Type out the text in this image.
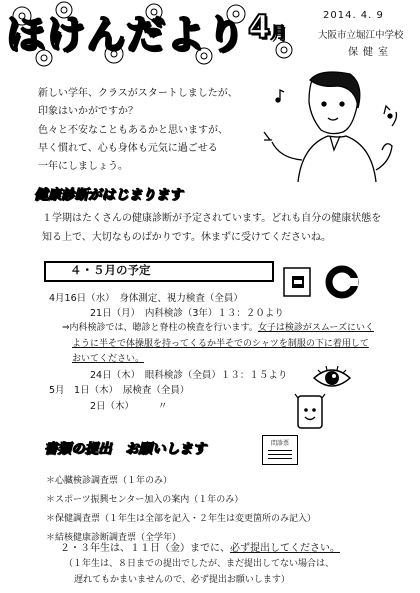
ほけんだより 4月
2014. 4. 9
大阪市立堀江中学校
保健室
新しい学年、クラスがスタートしましたが、
印象はいかがですか？
色々と不安なこともあるかと思いますが、
早く慣れて、心も身体も元気に過ごせる
一年にしましょう。
健康診断がはじまります
１学期はたくさんの健康診断が予定されています。どれも自分の健康状態を
知る上で、大切なものばかりです。休まずに受けてくださいね。
４・５月の予定
4月16日（水）　 身体測定、視力検査（全員）
21日（月）　 内科検診（3年）１３：２０より
⇒内科検診では、聴診と脊柱の検査を行います。女子は検診がスムーズにいく
ように半そで体操服を持ってくるか半そでのシャツを制服の下に着用して
おいてください。
24日（木）　 眼科検診（全員）１３：１５より
5月　1日（木）　 尿検査（全員）
2日（木）　　　	〃
書類の提出　お願いします	問診票
＊心臓検診調査票（１年のみ）
＊スポーツ振興センター加入の案内（１年のみ）
＊保健調査票（１年生は全部を記入・２年生は変更箇所のみ記入）
＊結核健康診断調査票（全学年）
２・３年生は、１１日（金）までに、必ず提出してください。
（１年生は、８日までの提出でしたが、まだ提出してない場合は、
遅れてもかまいませんので、必ず提出お願いします）
